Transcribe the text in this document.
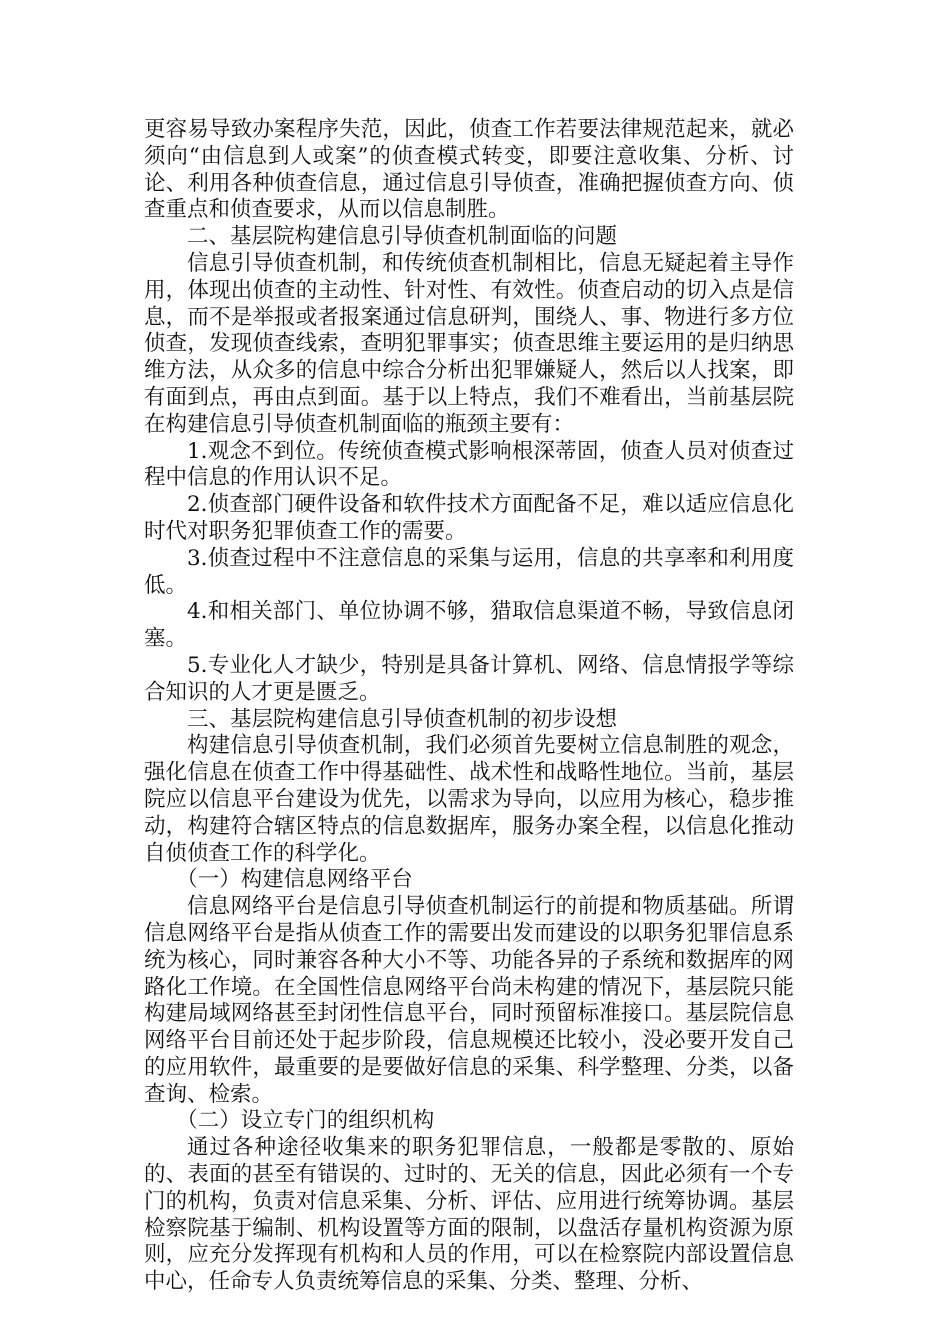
更容易导致办案程序失范，因此，侦查工作若要法律规范起来，就必须向“由信息到人或案”的侦查模式转变，即要注意收集、分析、讨论、利用各种侦查信息，通过信息引导侦查，准确把握侦查方向、侦查重点和侦查要求，从而以信息制胜。

二、基层院构建信息引导侦查机制面临的问题

信息引导侦查机制，和传统侦查机制相比，信息无疑起着主导作用，体现出侦查的主动性、针对性、有效性。侦查启动的切入点是信息，而不是举报或者报案通过信息研判，围绕人、事、物进行多方位侦查，发现侦查线索，查明犯罪事实；侦查思维主要运用的是归纳思维方法，从众多的信息中综合分析出犯罪嫌疑人，然后以人找案，即有面到点，再由点到面。基于以上特点，我们不难看出，当前基层院在构建信息引导侦查机制面临的瓶颈主要有：

1.观念不到位。传统侦查模式影响根深蒂固，侦查人员对侦查过程中信息的作用认识不足。

2.侦查部门硬件设备和软件技术方面配备不足，难以适应信息化时代对职务犯罪侦查工作的需要。

3.侦查过程中不注意信息的采集与运用，信息的共享率和利用度低。

4.和相关部门、单位协调不够，猎取信息渠道不畅，导致信息闭塞。

5.专业化人才缺少，特别是具备计算机、网络、信息情报学等综合知识的人才更是匮乏。

三、基层院构建信息引导侦查机制的初步设想

构建信息引导侦查机制，我们必须首先要树立信息制胜的观念，强化信息在侦查工作中得基础性、战术性和战略性地位。当前，基层院应以信息平台建设为优先，以需求为导向，以应用为核心，稳步推动，构建符合辖区特点的信息数据库，服务办案全程，以信息化推动自侦侦查工作的科学化。

（一）构建信息网络平台

信息网络平台是信息引导侦查机制运行的前提和物质基础。所谓信息网络平台是指从侦查工作的需要出发而建设的以职务犯罪信息系统为核心，同时兼容各种大小不等、功能各异的子系统和数据库的网路化工作境。在全国性信息网络平台尚未构建的情况下，基层院只能构建局域网络甚至封闭性信息平台，同时预留标准接口。基层院信息网络平台目前还处于起步阶段，信息规模还比较小，没必要开发自己的应用软件，最重要的是要做好信息的采集、科学整理、分类，以备查询、检索。

（二）设立专门的组织机构

通过各种途径收集来的职务犯罪信息，一般都是零散的、原始的、表面的甚至有错误的、过时的、无关的信息，因此必须有一个专门的机构，负责对信息采集、分析、评估、应用进行统筹协调。基层检察院基于编制、机构设置等方面的限制，以盘活存量机构资源为原则，应充分发挥现有机构和人员的作用，可以在检察院内部设置信息中心，任命专人负责统筹信息的采集、分类、整理、分析、
